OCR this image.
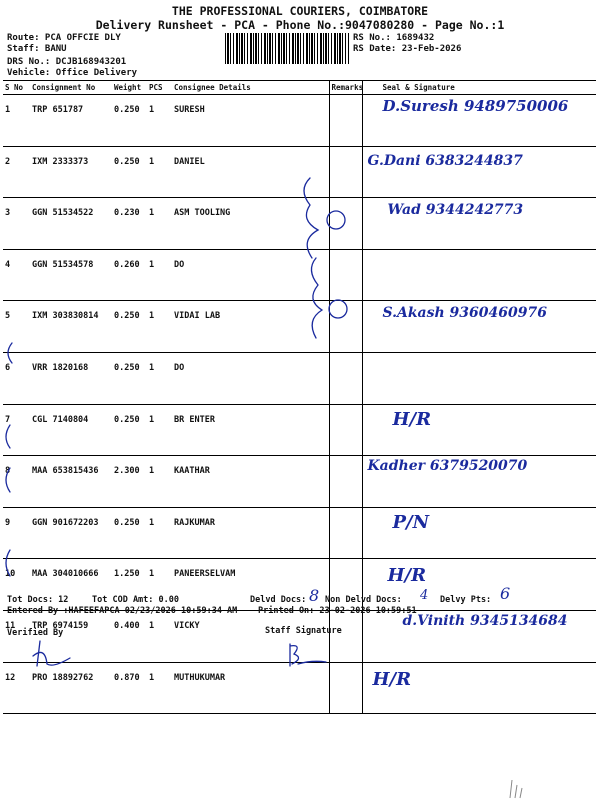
THE PROFESSIONAL COURIERS, COIMBATORE
Delivery Runsheet - PCA - Phone No.:9047080280 - Page No.:1
Route: PCA OFFCIE DLY
Staff: BANU
DRS No.: DCJB168943201
Vehicle: Office Delivery
RS No.: 1689432
RS Date: 23-Feb-2026
S No	Consignment No	Weight	PCS	Consignee Details	Remarks	Seal & Signature
1	TRP 651787	0.250	1	SURESH		D.Suresh 9489750006

2	IXM 2333373	0.250	1	DANIEL		G.Dani 6383244837

3	GGN 51534522	0.230	1	ASM TOOLING		Wad 9344242773

4	GGN 51534578	0.260	1	DO		

5	IXM 303830814	0.250	1	VIDAI LAB		S.Akash 9360460976

6	VRR 1820168	0.250	1	DO		

7	CGL 7140804	0.250	1	BR ENTER		H/R

8	MAA 653815436	2.300	1	KAATHAR		Kadher 6379520070

9	GGN 901672203	0.250	1	RAJKUMAR		P/N

10	MAA 304010666	1.250	1	PANEERSELVAM		H/R

11	TRP 6974159	0.400	1	VICKY		d.Vinith 9345134684

12	PRO 18892762	0.870	1	MUTHUKUMAR		H/R
Tot Docs: 12	Tot COD Amt: 0.00	Delvd Docs: 8 Non Delvd Docs: 4 Delvy Pts: 6
Entered By :HAFEEFAPCA 02/23/2026 10:59:34 AM Printed On: 23-02-2026 10:59:51
Verified By	Staff Signature
